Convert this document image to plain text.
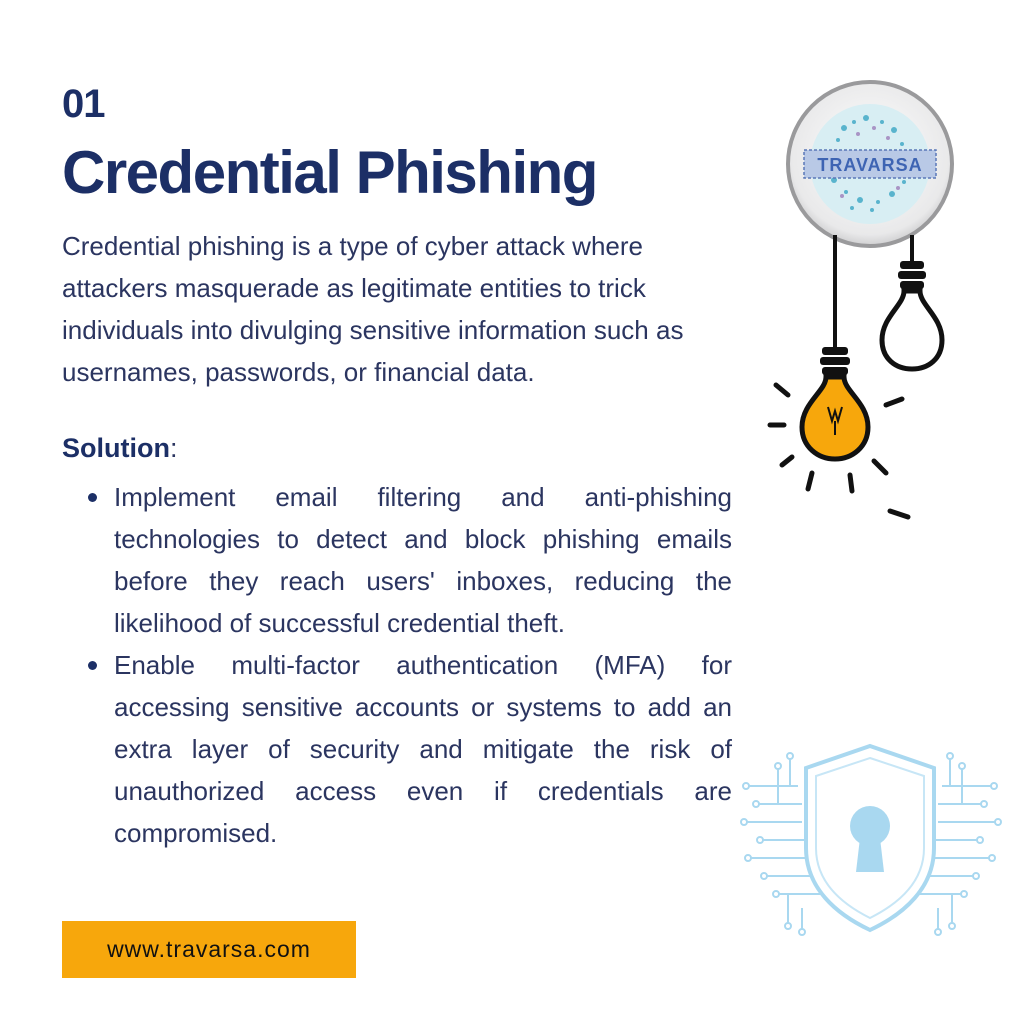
01
Credential Phishing
Credential phishing is a type of cyber attack where attackers masquerade as legitimate entities to trick individuals into divulging sensitive information such as usernames, passwords, or financial data.
Solution:
Implement email filtering and anti-phishing technologies to detect and block phishing emails before they reach users' inboxes, reducing the likelihood of successful credential theft.
Enable multi-factor authentication (MFA) for accessing sensitive accounts or systems to add an extra layer of security and mitigate the risk of unauthorized access even if credentials are compromised.
www.travarsa.com
TRAVARSA
